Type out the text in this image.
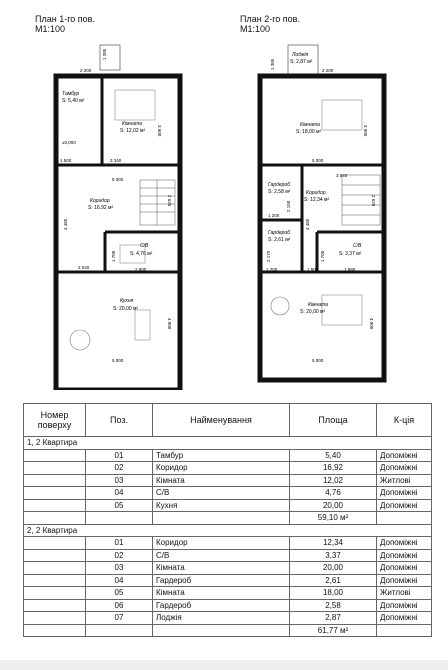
План 1-го пов.
М1:100
План 2-го пов.
М1:100
2 200
1 385
Тамбур
S: 5,40 м²
Кімната
S: 12,02 м²
Коридор
S: 16,92 м²
С/В
S: 4,76 м²
Кухня
S: 20,00 м²
±0,000
3 600
1 500	3 340
5 000
2 625
4 485
1 700
2 040	2 800
4 000
5 000
1 385
2 200
Лоджія
S: 2,87 м²
Кімната
S: 18,00 м²
Гардероб
S: 2,58 м²	Коридор
S: 12,34 м²
Гардероб
S: 2,61 м²
С/В
S: 3,37 м²
Кімната
S: 20,00 м²
3 600
5 000
3 640
1 200
2 150
2 625
4 485
2 175	1 700
1 200	1 500	1 980
4 000
5 000
Номер поверху	Поз.	Найменування	Площа	К-ція
1, 2 Квартира				
	01	Тамбур	5,40	Допоміжні
	02	Коридор	16,92	Допоміжні
	03	Кімната	12,02	Житлові
	04	С/В	4,76	Допоміжні
	05	Кухня	20,00	Допоміжні
			59,10 м²	
2, 2 Квартира				
	01	Коридор	12,34	Допоміжні
	02	С/В	3,37	Допоміжні
	03	Кімната	20,00	Допоміжні
	04	Гардероб	2,61	Допоміжні
	05	Кімната	18,00	Житлові
	06	Гардероб	2,58	Допоміжні
	07	Лоджія	2,87	Допоміжні
			61,77 м²	
